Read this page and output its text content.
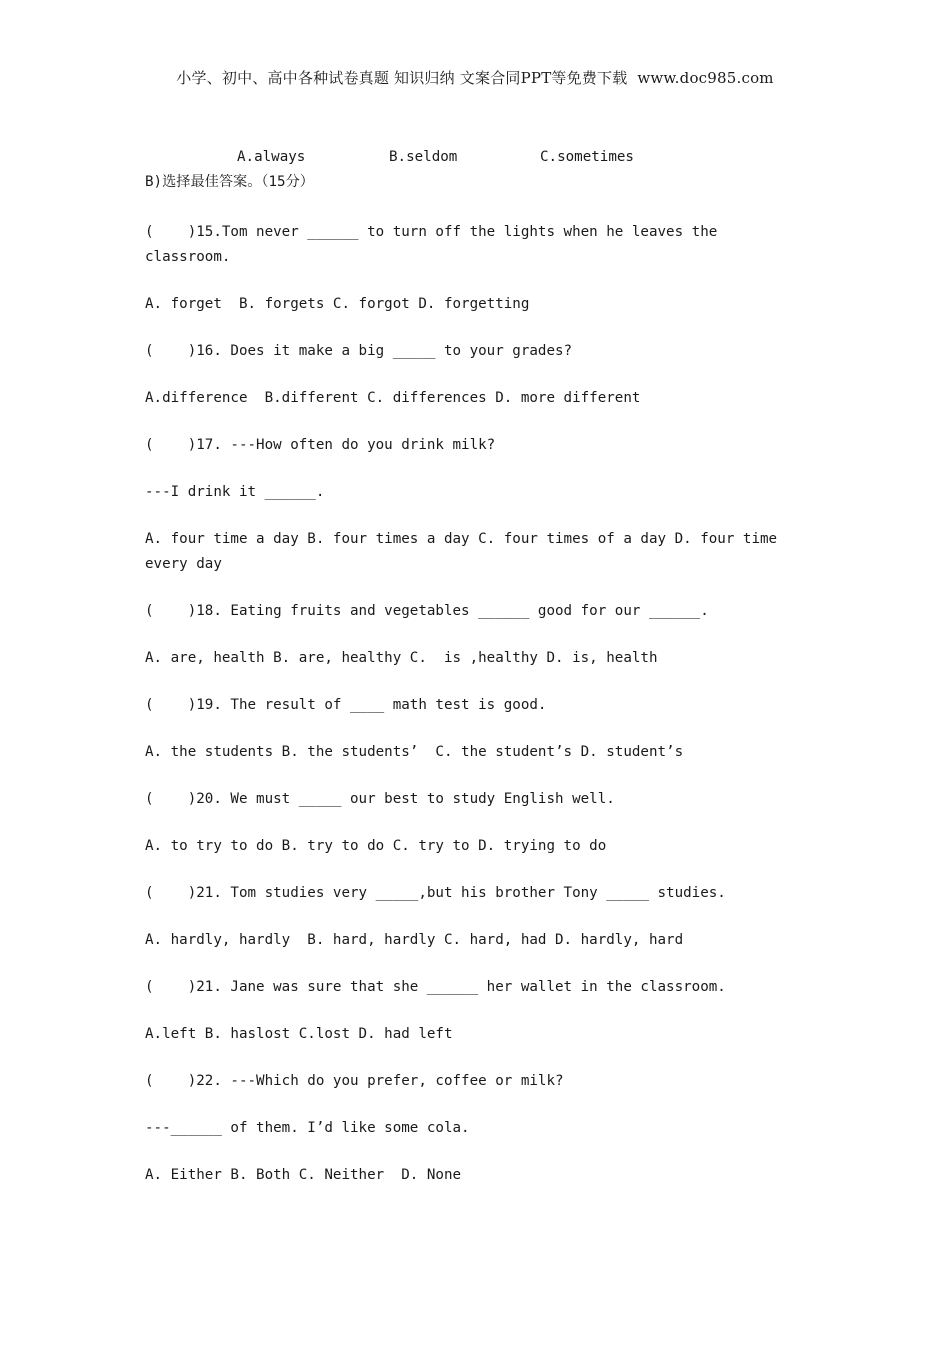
小学、初中、高中各种试卷真题 知识归纳 文案合同PPT等免费下载  www.doc985.com
A.always	B.seldom	C.sometimes
B)选择最佳答案。（15分）
(    )15.Tom never ______ to turn off the lights when he leaves the classroom.
A. forget  B. forgets C. forgot D. forgetting
(    )16. Does it make a big _____ to your grades?
A.difference  B.different C. differences D. more different
(    )17. ---How often do you drink milk?
---I drink it ______.
A. four time a day B. four times a day C. four times of a day D. four time every day
(    )18. Eating fruits and vegetables ______ good for our ______.
A. are, health B. are, healthy C.  is ,healthy D. is, health
(    )19. The result of ____ math test is good.
A. the students B. the students’  C. the student’s D. student’s
(    )20. We must _____ our best to study English well.
A. to try to do B. try to do C. try to D. trying to do
(    )21. Tom studies very _____,but his brother Tony _____ studies.
A. hardly, hardly  B. hard, hardly C. hard, had D. hardly, hard
(    )21. Jane was sure that she ______ her wallet in the classroom.
A.left B. haslost C.lost D. had left
(    )22. ---Which do you prefer, coffee or milk?
---______ of them. I’d like some cola.
A. Either B. Both C. Neither  D. None
